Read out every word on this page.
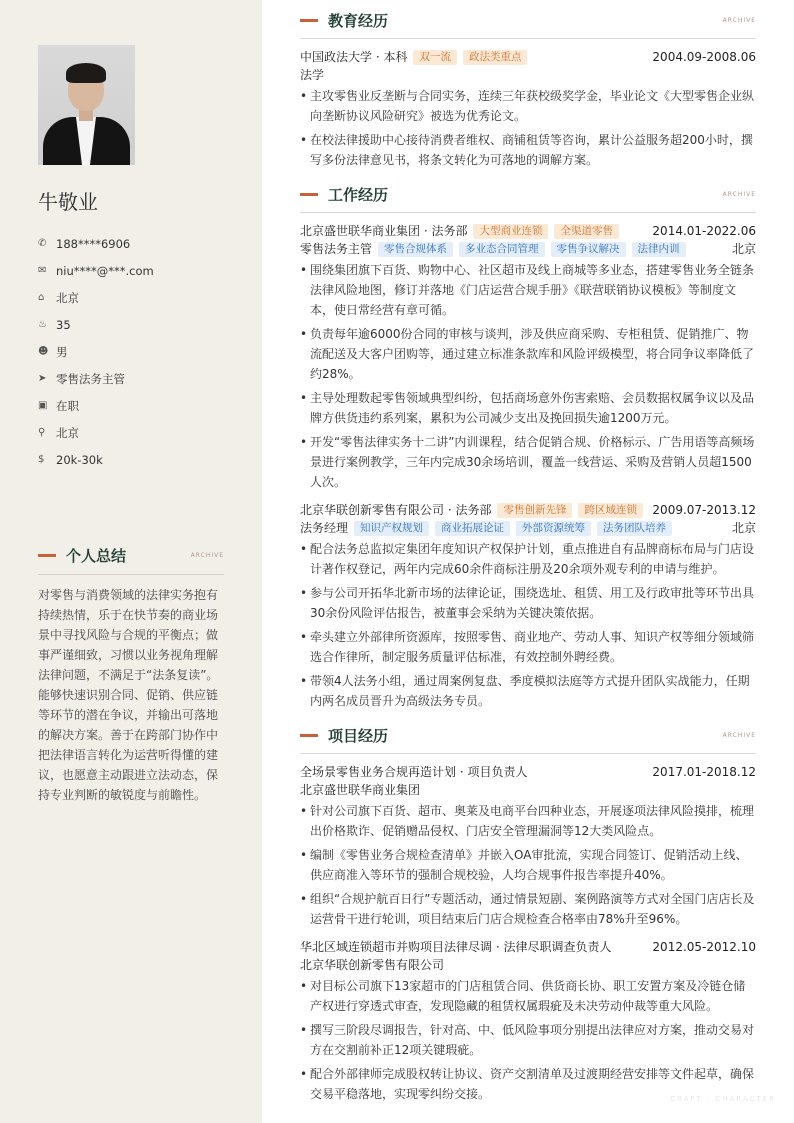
牛敬业
✆ 188****6906
✉ niu****@***.com
⌂	北京
♨ 35
☻ 男
➤ 零售法务主管
▣ 在职
⚲ 北京
$	20k-30k
个人总结	ARCHIVE
对零售与消费领域的法律实务抱有持续热情，乐于在快节奏的商业场景中寻找风险与合规的平衡点；做事严谨细致，习惯以业务视角理解法律问题，不满足于“法条复读”。能够快速识别合同、促销、供应链等环节的潜在争议，并输出可落地的解决方案。善于在跨部门协作中把法律语言转化为运营听得懂的建议，也愿意主动跟进立法动态，保持专业判断的敏锐度与前瞻性。
教育经历	ARCHIVE
中国政法大学 · 本科	双一流	政法类重点	2004.09-2008.06
法学
• 主攻零售业反垄断与合同实务，连续三年获校级奖学金，毕业论文《大型零售企业纵向垄断协议风险研究》被选为优秀论文。
• 在校法律援助中心接待消费者维权、商铺租赁等咨询，累计公益服务超200小时，撰写多份法律意见书，将条文转化为可落地的调解方案。
工作经历	ARCHIVE
北京盛世联华商业集团 · 法务部	大型商业连锁	全渠道零售	2014.01-2022.06
零售法务主管	零售合规体系	多业态合同管理	零售争议解决	法律内训	北京
• 围绕集团旗下百货、购物中心、社区超市及线上商城等多业态，搭建零售业务全链条法律风险地图，修订并落地《门店运营合规手册》《联营联销协议模板》等制度文本，使日常经营有章可循。
• 负责每年逾6000份合同的审核与谈判，涉及供应商采购、专柜租赁、促销推广、物流配送及大客户团购等，通过建立标准条款库和风险评级模型，将合同争议率降低了约28%。
• 主导处理数起零售领域典型纠纷，包括商场意外伤害索赔、会员数据权属争议以及品牌方供货违约系列案，累积为公司减少支出及挽回损失逾1200万元。
• 开发“零售法律实务十二讲”内训课程，结合促销合规、价格标示、广告用语等高频场景进行案例教学，三年内完成30余场培训，覆盖一线营运、采购及营销人员超1500人次。
北京华联创新零售有限公司 · 法务部	零售创新先锋	跨区域连锁	2009.07-2013.12
法务经理	知识产权规划	商业拓展论证	外部资源统筹	法务团队培养	北京
• 配合法务总监拟定集团年度知识产权保护计划，重点推进自有品牌商标布局与门店设计著作权登记，两年内完成60余件商标注册及20余项外观专利的申请与维护。
• 参与公司开拓华北新市场的法律论证，围绕选址、租赁、用工及行政审批等环节出具30余份风险评估报告，被董事会采纳为关键决策依据。
• 牵头建立外部律所资源库，按照零售、商业地产、劳动人事、知识产权等细分领域筛选合作律所，制定服务质量评估标准，有效控制外聘经费。
• 带领4人法务小组，通过周案例复盘、季度模拟法庭等方式提升团队实战能力，任期内两名成员晋升为高级法务专员。
项目经历	ARCHIVE
全场景零售业务合规再造计划 · 项目负责人	2017.01-2018.12
北京盛世联华商业集团
• 针对公司旗下百货、超市、奥莱及电商平台四种业态，开展逐项法律风险摸排，梳理出价格欺诈、促销赠品侵权、门店安全管理漏洞等12大类风险点。
• 编制《零售业务合规检查清单》并嵌入OA审批流，实现合同签订、促销活动上线、供应商准入等环节的强制合规校验，人均合规事件报告率提升40%。
• 组织“合规护航百日行”专题活动，通过情景短剧、案例路演等方式对全国门店店长及运营骨干进行轮训，项目结束后门店合规检查合格率由78%升至96%。
华北区域连锁超市并购项目法律尽调 · 法律尽职调查负责人	2012.05-2012.10
北京华联创新零售有限公司
• 对目标公司旗下13家超市的门店租赁合同、供货商长协、职工安置方案及冷链仓储产权进行穿透式审查，发现隐藏的租赁权属瑕疵及未决劳动仲裁等重大风险。
• 撰写三阶段尽调报告，针对高、中、低风险事项分别提出法律应对方案，推动交易对方在交割前补正12项关键瑕疵。
• 配合外部律师完成股权转让协议、资产交割清单及过渡期经营安排等文件起草，确保交易平稳落地，实现零纠纷交接。	CRAFT · CHARACTER
